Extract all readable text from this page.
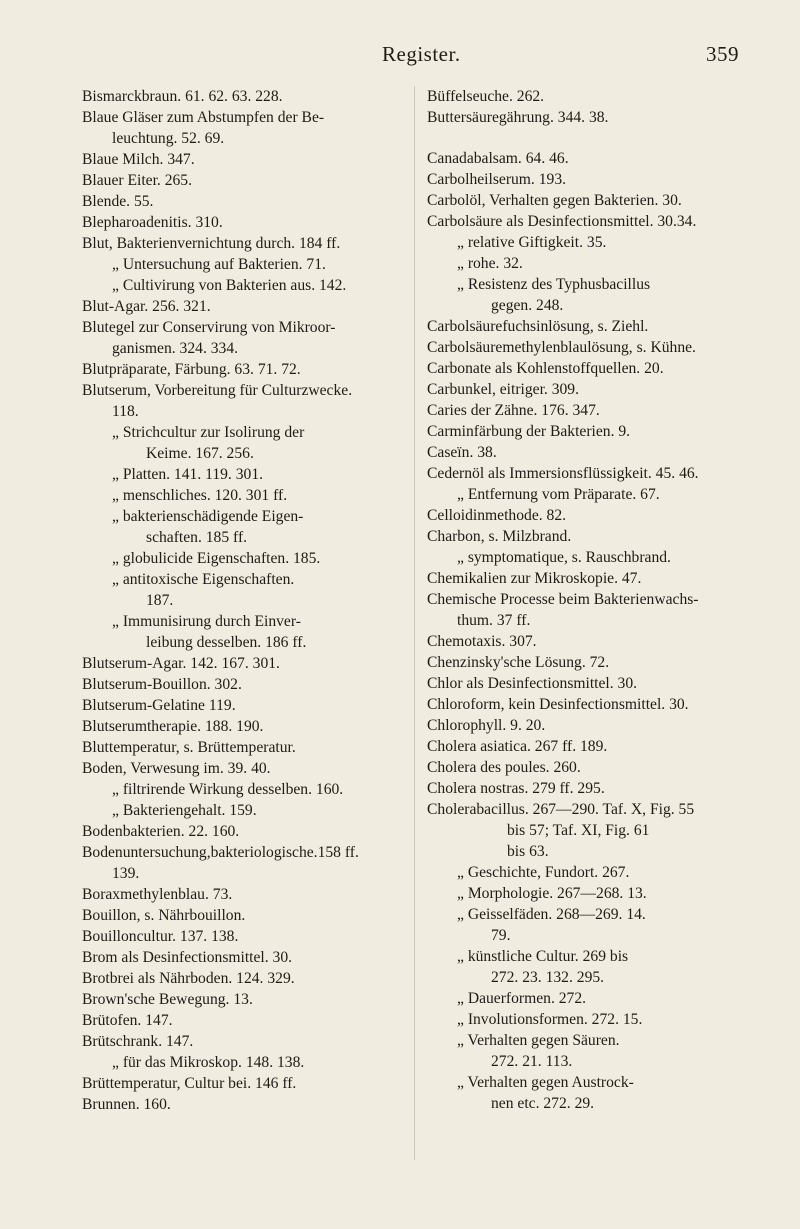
Register.	359
Bismarckbraun. 61. 62. 63. 228.
Blaue Gläser zum Abstumpfen der Be-
leuchtung. 52. 69.
Blaue Milch. 347.
Blauer Eiter. 265.
Blende. 55.
Blepharoadenitis. 310.
Blut, Bakterienvernichtung durch. 184 ff.
„ Untersuchung auf Bakterien. 71.
„ Cultivirung von Bakterien aus. 142.
Blut-Agar. 256. 321.
Blutegel zur Conservirung von Mikroor-
ganismen. 324. 334.
Blutpräparate, Färbung. 63. 71. 72.
Blutserum, Vorbereitung für Culturzwecke.
118.
„ Strichcultur zur Isolirung der
Keime. 167. 256.
„ Platten. 141. 119. 301.
„ menschliches. 120. 301 ff.
„ bakterienschädigende Eigen-
schaften. 185 ff.
„ globulicide Eigenschaften. 185.
„ antitoxische Eigenschaften.
187.
„ Immunisirung durch Einver-
leibung desselben. 186 ff.
Blutserum-Agar. 142. 167. 301.
Blutserum-Bouillon. 302.
Blutserum-Gelatine 119.
Blutserumtherapie. 188. 190.
Bluttemperatur, s. Brüttemperatur.
Boden, Verwesung im. 39. 40.
„ filtrirende Wirkung desselben. 160.
„ Bakteriengehalt. 159.
Bodenbakterien. 22. 160.
Bodenuntersuchung,bakteriologische.158 ff.
139.
Boraxmethylenblau. 73.
Bouillon, s. Nährbouillon.
Bouilloncultur. 137. 138.
Brom als Desinfectionsmittel. 30.
Brotbrei als Nährboden. 124. 329.
Brown'sche Bewegung. 13.
Brütofen. 147.
Brütschrank. 147.
„ für das Mikroskop. 148. 138.
Brüttemperatur, Cultur bei. 146 ff.
Brunnen. 160.
Büffelseuche. 262.
Buttersäuregährung. 344. 38.
Canadabalsam. 64. 46.
Carbolheilserum. 193.
Carbolöl, Verhalten gegen Bakterien. 30.
Carbolsäure als Desinfectionsmittel. 30.34.
„ relative Giftigkeit. 35.
„ rohe. 32.
„ Resistenz des Typhusbacillus
gegen. 248.
Carbolsäurefuchsinlösung, s. Ziehl.
Carbolsäuremethylenblaulösung, s. Kühne.
Carbonate als Kohlenstoffquellen. 20.
Carbunkel, eitriger. 309.
Caries der Zähne. 176. 347.
Carminfärbung der Bakterien. 9.
Caseïn. 38.
Cedernöl als Immersionsflüssigkeit. 45. 46.
„ Entfernung vom Präparate. 67.
Celloidinmethode. 82.
Charbon, s. Milzbrand.
„ symptomatique, s. Rauschbrand.
Chemikalien zur Mikroskopie. 47.
Chemische Processe beim Bakterienwachs-
thum. 37 ff.
Chemotaxis. 307.
Chenzinsky'sche Lösung. 72.
Chlor als Desinfectionsmittel. 30.
Chloroform, kein Desinfectionsmittel. 30.
Chlorophyll. 9. 20.
Cholera asiatica. 267 ff. 189.
Cholera des poules. 260.
Cholera nostras. 279 ff. 295.
Cholerabacillus. 267—290. Taf. X, Fig. 55
bis 57; Taf. XI, Fig. 61
bis 63.
„ Geschichte, Fundort. 267.
„ Morphologie. 267—268. 13.
„ Geisselfäden. 268—269. 14.
79.
„ künstliche Cultur. 269 bis
272. 23. 132. 295.
„ Dauerformen. 272.
„ Involutionsformen. 272. 15.
„ Verhalten gegen Säuren.
272. 21. 113.
„ Verhalten gegen Austrock-
nen etc. 272. 29.
